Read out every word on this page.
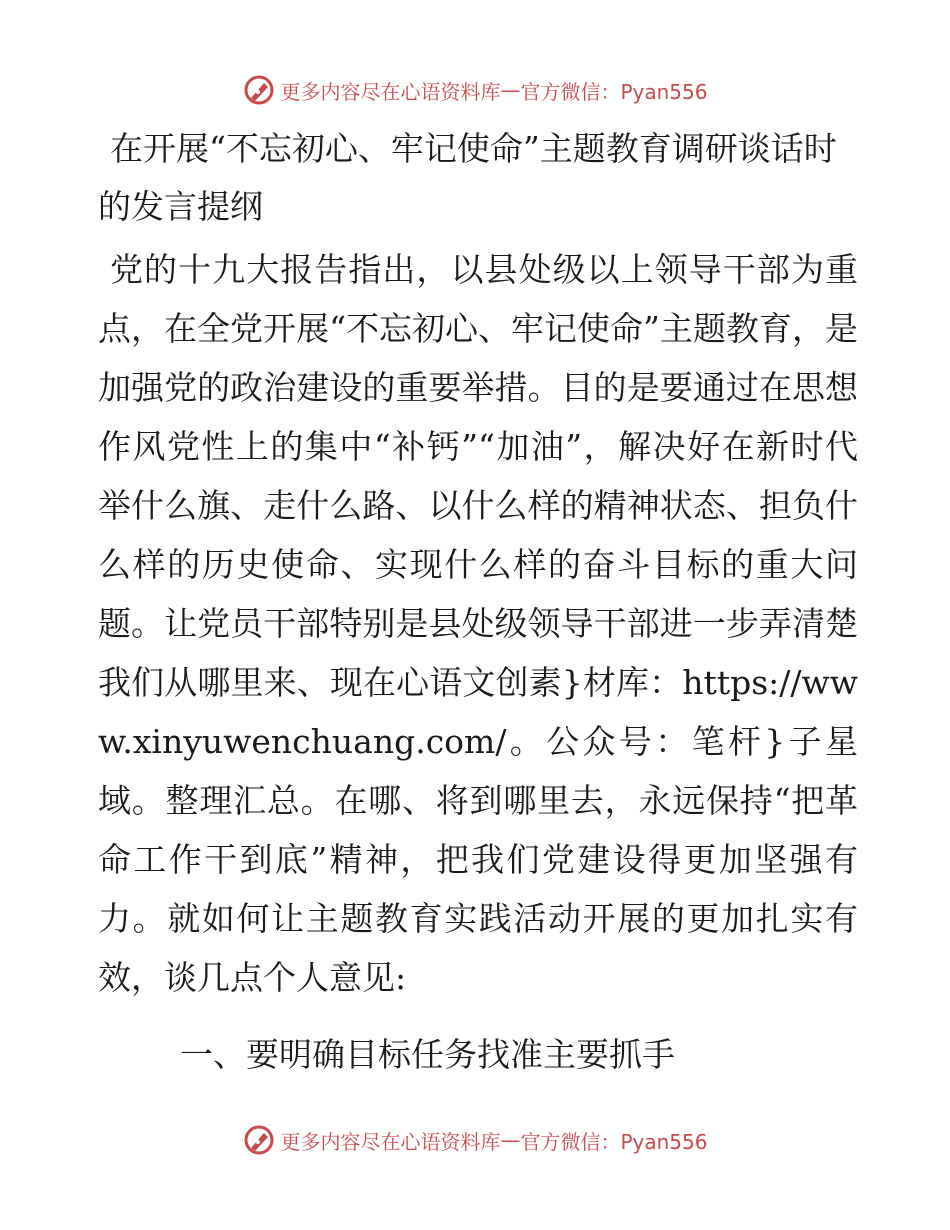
更多内容尽在心语资料库 — 官方微信：Pyan556
在开展“不忘初心、牢记使命”主题教育调研谈话时的发言提纲

党的十九大报告指出，以县处级以上领导干部为重点，在全党开展“不忘初心、牢记使命”主题教育，是加强党的政治建设的重要举措。目的是要通过在思想作风党性上的集中“补钙”“加油”，解决好在新时代举什么旗、走什么路、以什么样的精神状态、担负什么样的历史使命、实现什么样的奋斗目标的重大问题。让党员干部特别是县处级领导干部进一步弄清楚我们从哪里来、现在心语文创素}材库：https://www.xinyuwenchuang.com/。公众号：笔杆}子星域。整理汇总。在哪、将到哪里去，永远保持“把革命工作干到底”精神，把我们党建设得更加坚强有力。就如何让主题教育实践活动开展的更加扎实有效，谈几点个人意见:

一、要明确目标任务找准主要抓手
更多内容尽在心语资料库 — 官方微信：Pyan556
